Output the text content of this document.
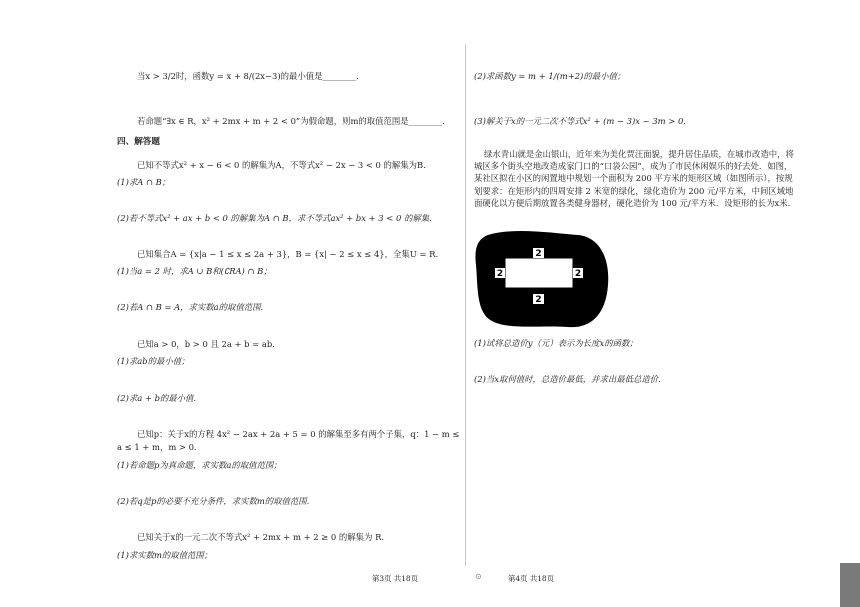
当x > 3/2时，函数y = x + 8/(2x−3)的最小值是________.
若命题“∃x ∈ R，x² + 2mx + m + 2 < 0”为假命题，则m的取值范围是________.
四、解答题
已知不等式x² + x − 6 < 0 的解集为A，不等式x² − 2x − 3 < 0 的解集为B.
(1)求A ∩ B；
(2)若不等式x² + ax + b < 0 的解集为A ∩ B，求不等式ax² + bx + 3 < 0 的解集.
已知集合A = {x|a − 1 ≤ x ≤ 2a + 3}，B = {x| − 2 ≤ x ≤ 4}，全集U = R.
(1)当a = 2 时，求A ∪ B和(∁RA) ∩ B；
(2)若A ∩ B = A，求实数a的取值范围.
已知a > 0，b > 0 且 2a + b = ab.
(1)求ab的最小值；
(2)求a + b的最小值.
已知p：关于x的方程 4x² − 2ax + 2a + 5 = 0 的解集至多有两个子集，q：1 − m ≤
a ≤ 1 + m，m > 0.
(1)若命题p为真命题，求实数a的取值范围；
(2)若q是p的必要不充分条件，求实数m的取值范围.
已知关于x的一元二次不等式x² + 2mx + m + 2 ≥ 0 的解集为 R.
(1)求实数m的取值范围；
第3页 共18页
(2)求函数y = m + 1/(m+2)的最小值；
(3)解关于x的一元二次不等式x² + (m − 3)x − 3m > 0.
绿水青山就是金山银山，近年来为美化贾汪面貌，提升居住品质，在城市改造中，将城区多个街头空地改造成家门口的“口袋公园”，成为了市民休闲娱乐的好去处．如图，某社区拟在小区的闲置地中规划一个面积为 200 平方米的矩形区域（如图所示），按规划要求：在矩形内的四周安排 2 米宽的绿化，绿化造价为 200 元/平方米，中间区域地面硬化以方便后期放置各类健身器材，硬化造价为 100 元/平方米．设矩形的长为x米.
(1)试将总造价y（元）表示为长度x的函数；
(2)当x取何值时，总造价最低，并求出最低总造价.
第4页 共18页
2
2	2
2
⊙
